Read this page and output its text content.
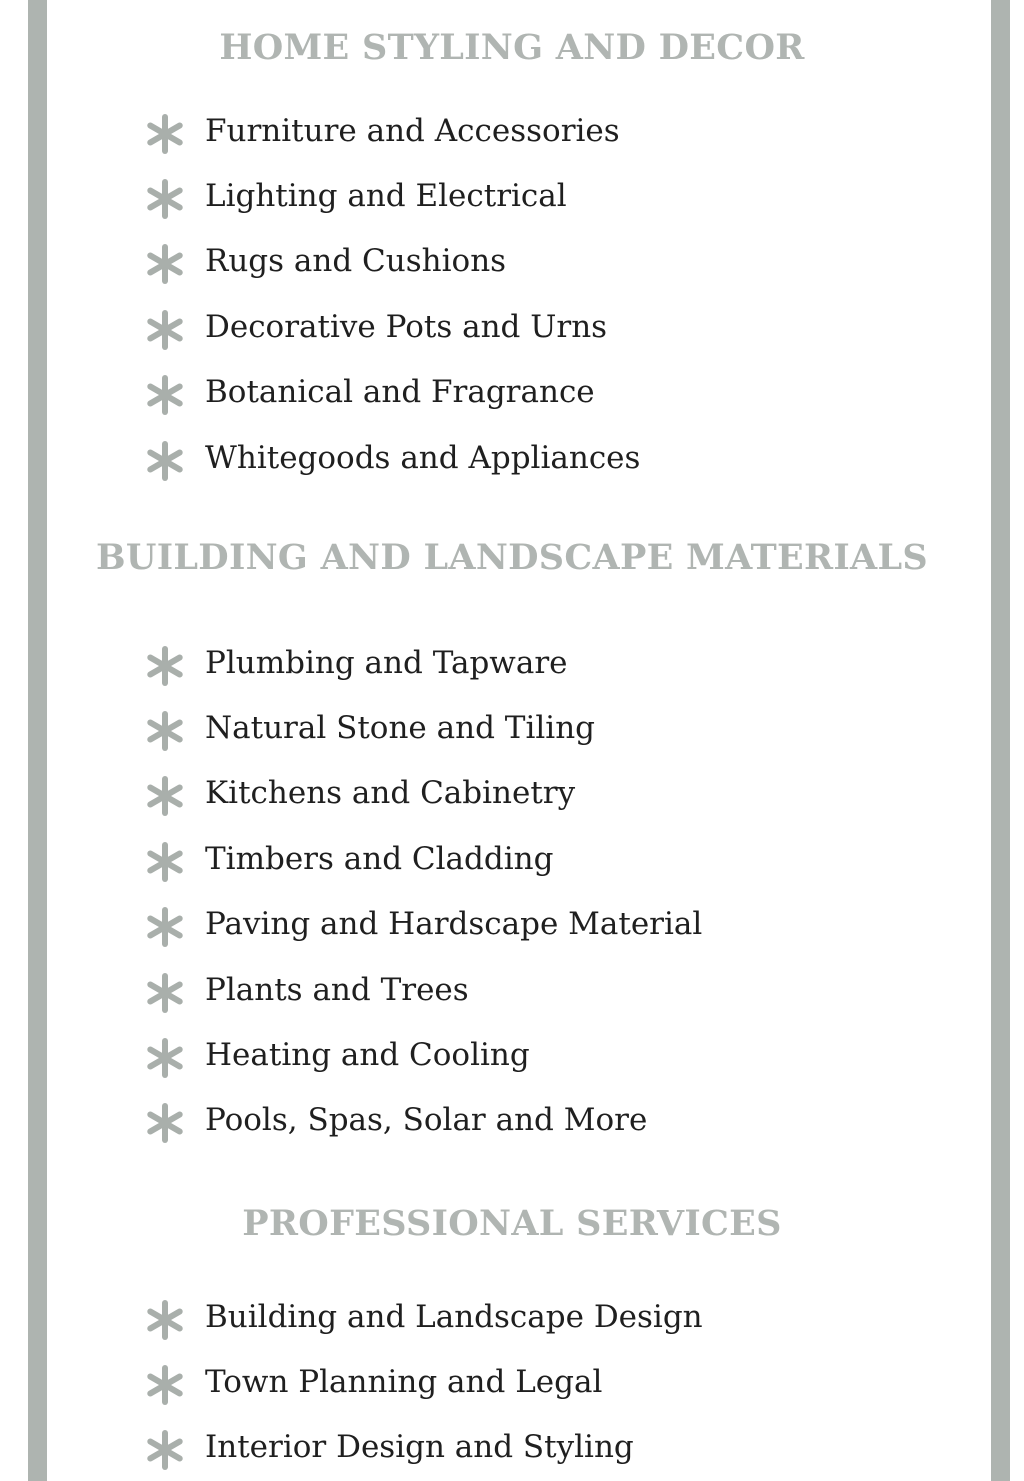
HOME STYLING AND DECOR
Furniture and Accessories
Lighting and Electrical
Rugs and Cushions
Decorative Pots and Urns
Botanical and Fragrance
Whitegoods and Appliances
BUILDING AND LANDSCAPE MATERIALS
Plumbing and Tapware
Natural Stone and Tiling
Kitchens and Cabinetry
Timbers and Cladding
Paving and Hardscape Material
Plants and Trees
Heating and Cooling
Pools, Spas, Solar and More
PROFESSIONAL SERVICES
Building and Landscape Design
Town Planning and Legal
Interior Design and Styling
